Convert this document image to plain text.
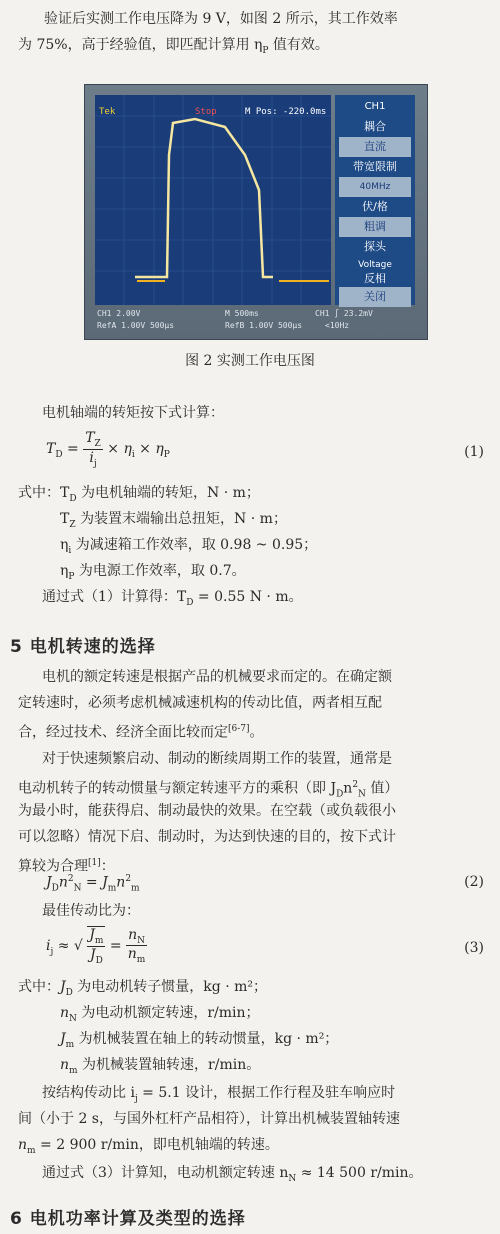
验证后实测工作电压降为 9 V，如图 2 所示，其工作效率
为 75%，高于经验值，即匹配计算用 $\eta_P$ 值有效。
Tek	Stop	M Pos: -220.0ms	CH1
耦合
直流
带宽限制
40MHz
伏/格
粗调
探头
Voltage
反相
关闭
CH1 2.00V	M 500ms	CH1 ∫ 23.2mV
RefA 1.00V 500μs	RefB 1.00V 500μs	<10Hz
图 2 实测工作电压图
电机轴端的转矩按下式计算：
$T_D = \frac{T_Z}{i_j} \times \eta_i \times \eta_P$	(1)
式中：$T_D$ 为电机轴端的转矩，N · m；
$T_Z$ 为装置末端输出总扭矩，N · m；
$\eta_i$ 为减速箱工作效率，取 0.98 ~ 0.95；
$\eta_P$ 为电源工作效率，取 0.7。
通过式（1）计算得：$T_D = 0.55$ N · m。
5 电机转速的选择
电机的额定转速是根据产品的机械要求而定的。在确定额
定转速时，必须考虑机械减速机构的传动比值，两者相互配
合，经过技术、经济全面比较而定[6-7]。
对于快速频繁启动、制动的断续周期工作的装置，通常是
电动机转子的转动惯量与额定转速平方的乘积（即 $J_Dn^2_N$ 值）
为最小时，能获得启、制动最快的效果。在空载（或负载很小
可以忽略）情况下启、制动时，为达到快速的目的，按下式计
算较为合理[1]：
$J_Dn^2_N = J_mn^2_m$	(2)
最佳传动比为：
$i_j$ ≈ √ $\frac{J_m}{J_D} = \frac{n_N}{n_m}$	(3)
式中：$J_D$ 为电动机转子惯量，kg · m²；
$n_N$ 为电动机额定转速，r/min；
$J_m$ 为机械装置在轴上的转动惯量，kg · m²；
$n_m$ 为机械装置轴转速，r/min。
按结构传动比 $i_j = 5.1$ 设计，根据工作行程及驻车响应时
间（小于 2 s，与国外杠杆产品相符），计算出机械装置轴转速
$n_m = 2$ 900 r/min，即电机轴端的转速。
通过式（3）计算知，电动机额定转速 $n_N \approx 14$ 500 r/min。
6 电机功率计算及类型的选择
